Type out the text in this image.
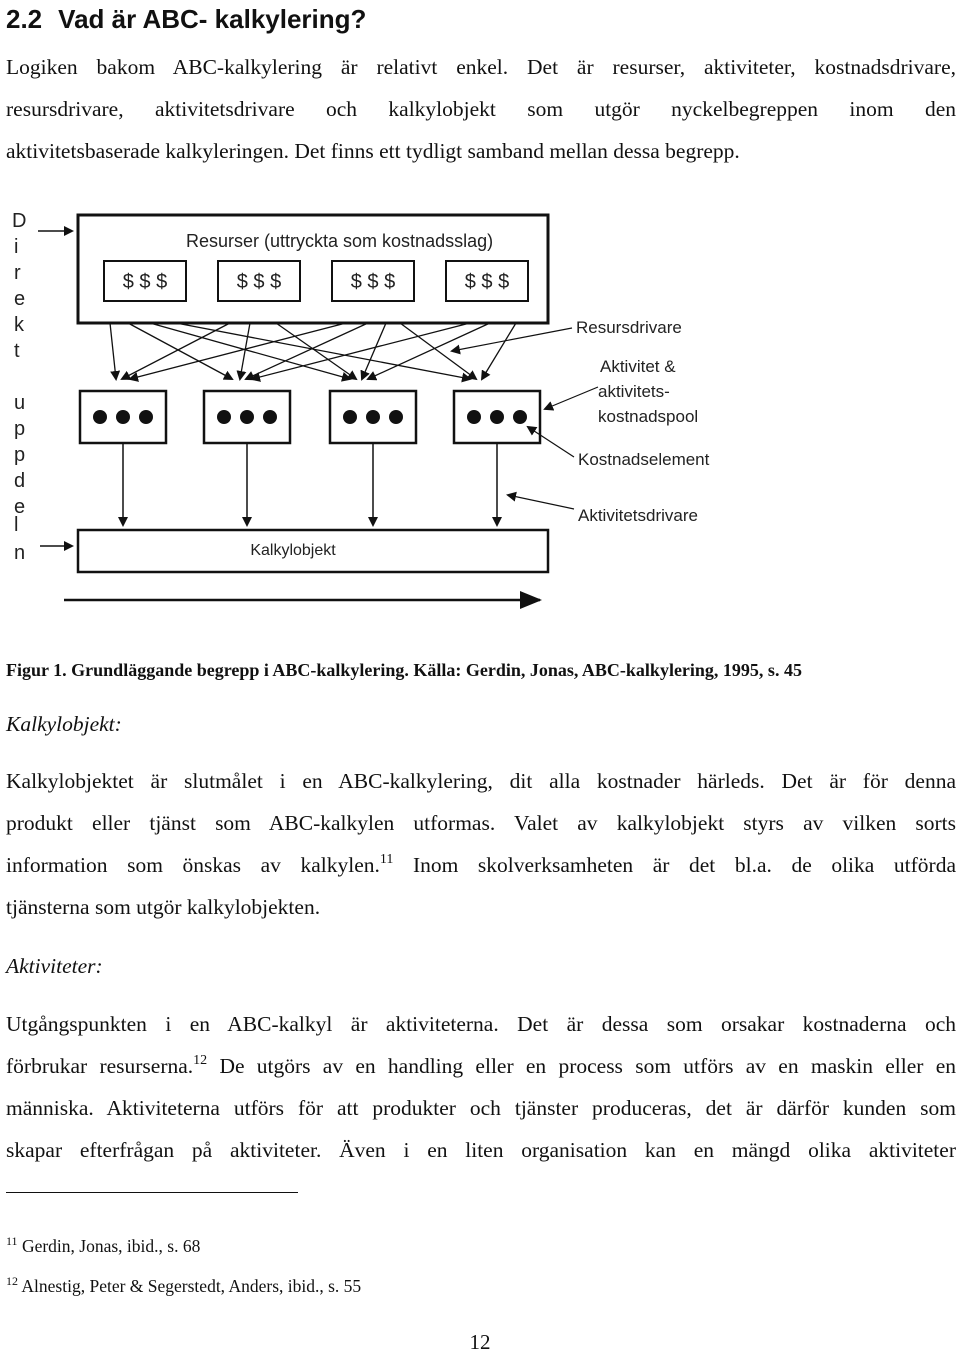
2.2 Vad är ABC- kalkylering?

Logiken bakom ABC-kalkylering är relativt enkel. Det är resurser, aktiviteter, kostnadsdrivare,
resursdrivare, aktivitetsdrivare och kalkylobjekt som utgör nyckelbegreppen inom den
aktivitetsbaserade kalkyleringen. Det finns ett tydligt samband mellan dessa begrepp.

D
i
r
e
k
t
u
p
p
d
e
l
n
Resurser (uttryckta som kostnadsslag)
$ $ $	$ $ $	$ $ $	$ $ $
Kalkylobjekt
Resursdrivare
Aktivitet &
aktivitets-
kostnadspool
Kostnadselement
Aktivitetsdrivare

Figur 1. Grundläggande begrepp i ABC-kalkylering. Källa: Gerdin, Jonas, ABC-kalkylering, 1995, s. 45

Kalkylobjekt:

Kalkylobjektet är slutmålet i en ABC-kalkylering, dit alla kostnader härleds. Det är för denna
produkt eller tjänst som ABC-kalkylen utformas. Valet av kalkylobjekt styrs av vilken sorts
information som önskas av kalkylen.$^{11}$ Inom skolverksamheten är det bl.a. de olika utförda
tjänsterna som utgör kalkylobjekten.

Aktiviteter:

Utgångspunkten i en ABC-kalkyl är aktiviteterna. Det är dessa som orsakar kostnaderna och
förbrukar resurserna.$^{12}$ De utgörs av en handling eller en process som utförs av en maskin eller en
människa. Aktiviteterna utförs för att produkter och tjänster produceras, det är därför kunden som
skapar efterfrågan på aktiviteter. Även i en liten organisation kan en mängd olika aktiviteter

$^{11}$ Gerdin, Jonas, ibid., s. 68

$^{12}$ Alnestig, Peter & Segerstedt, Anders, ibid., s. 55

12
